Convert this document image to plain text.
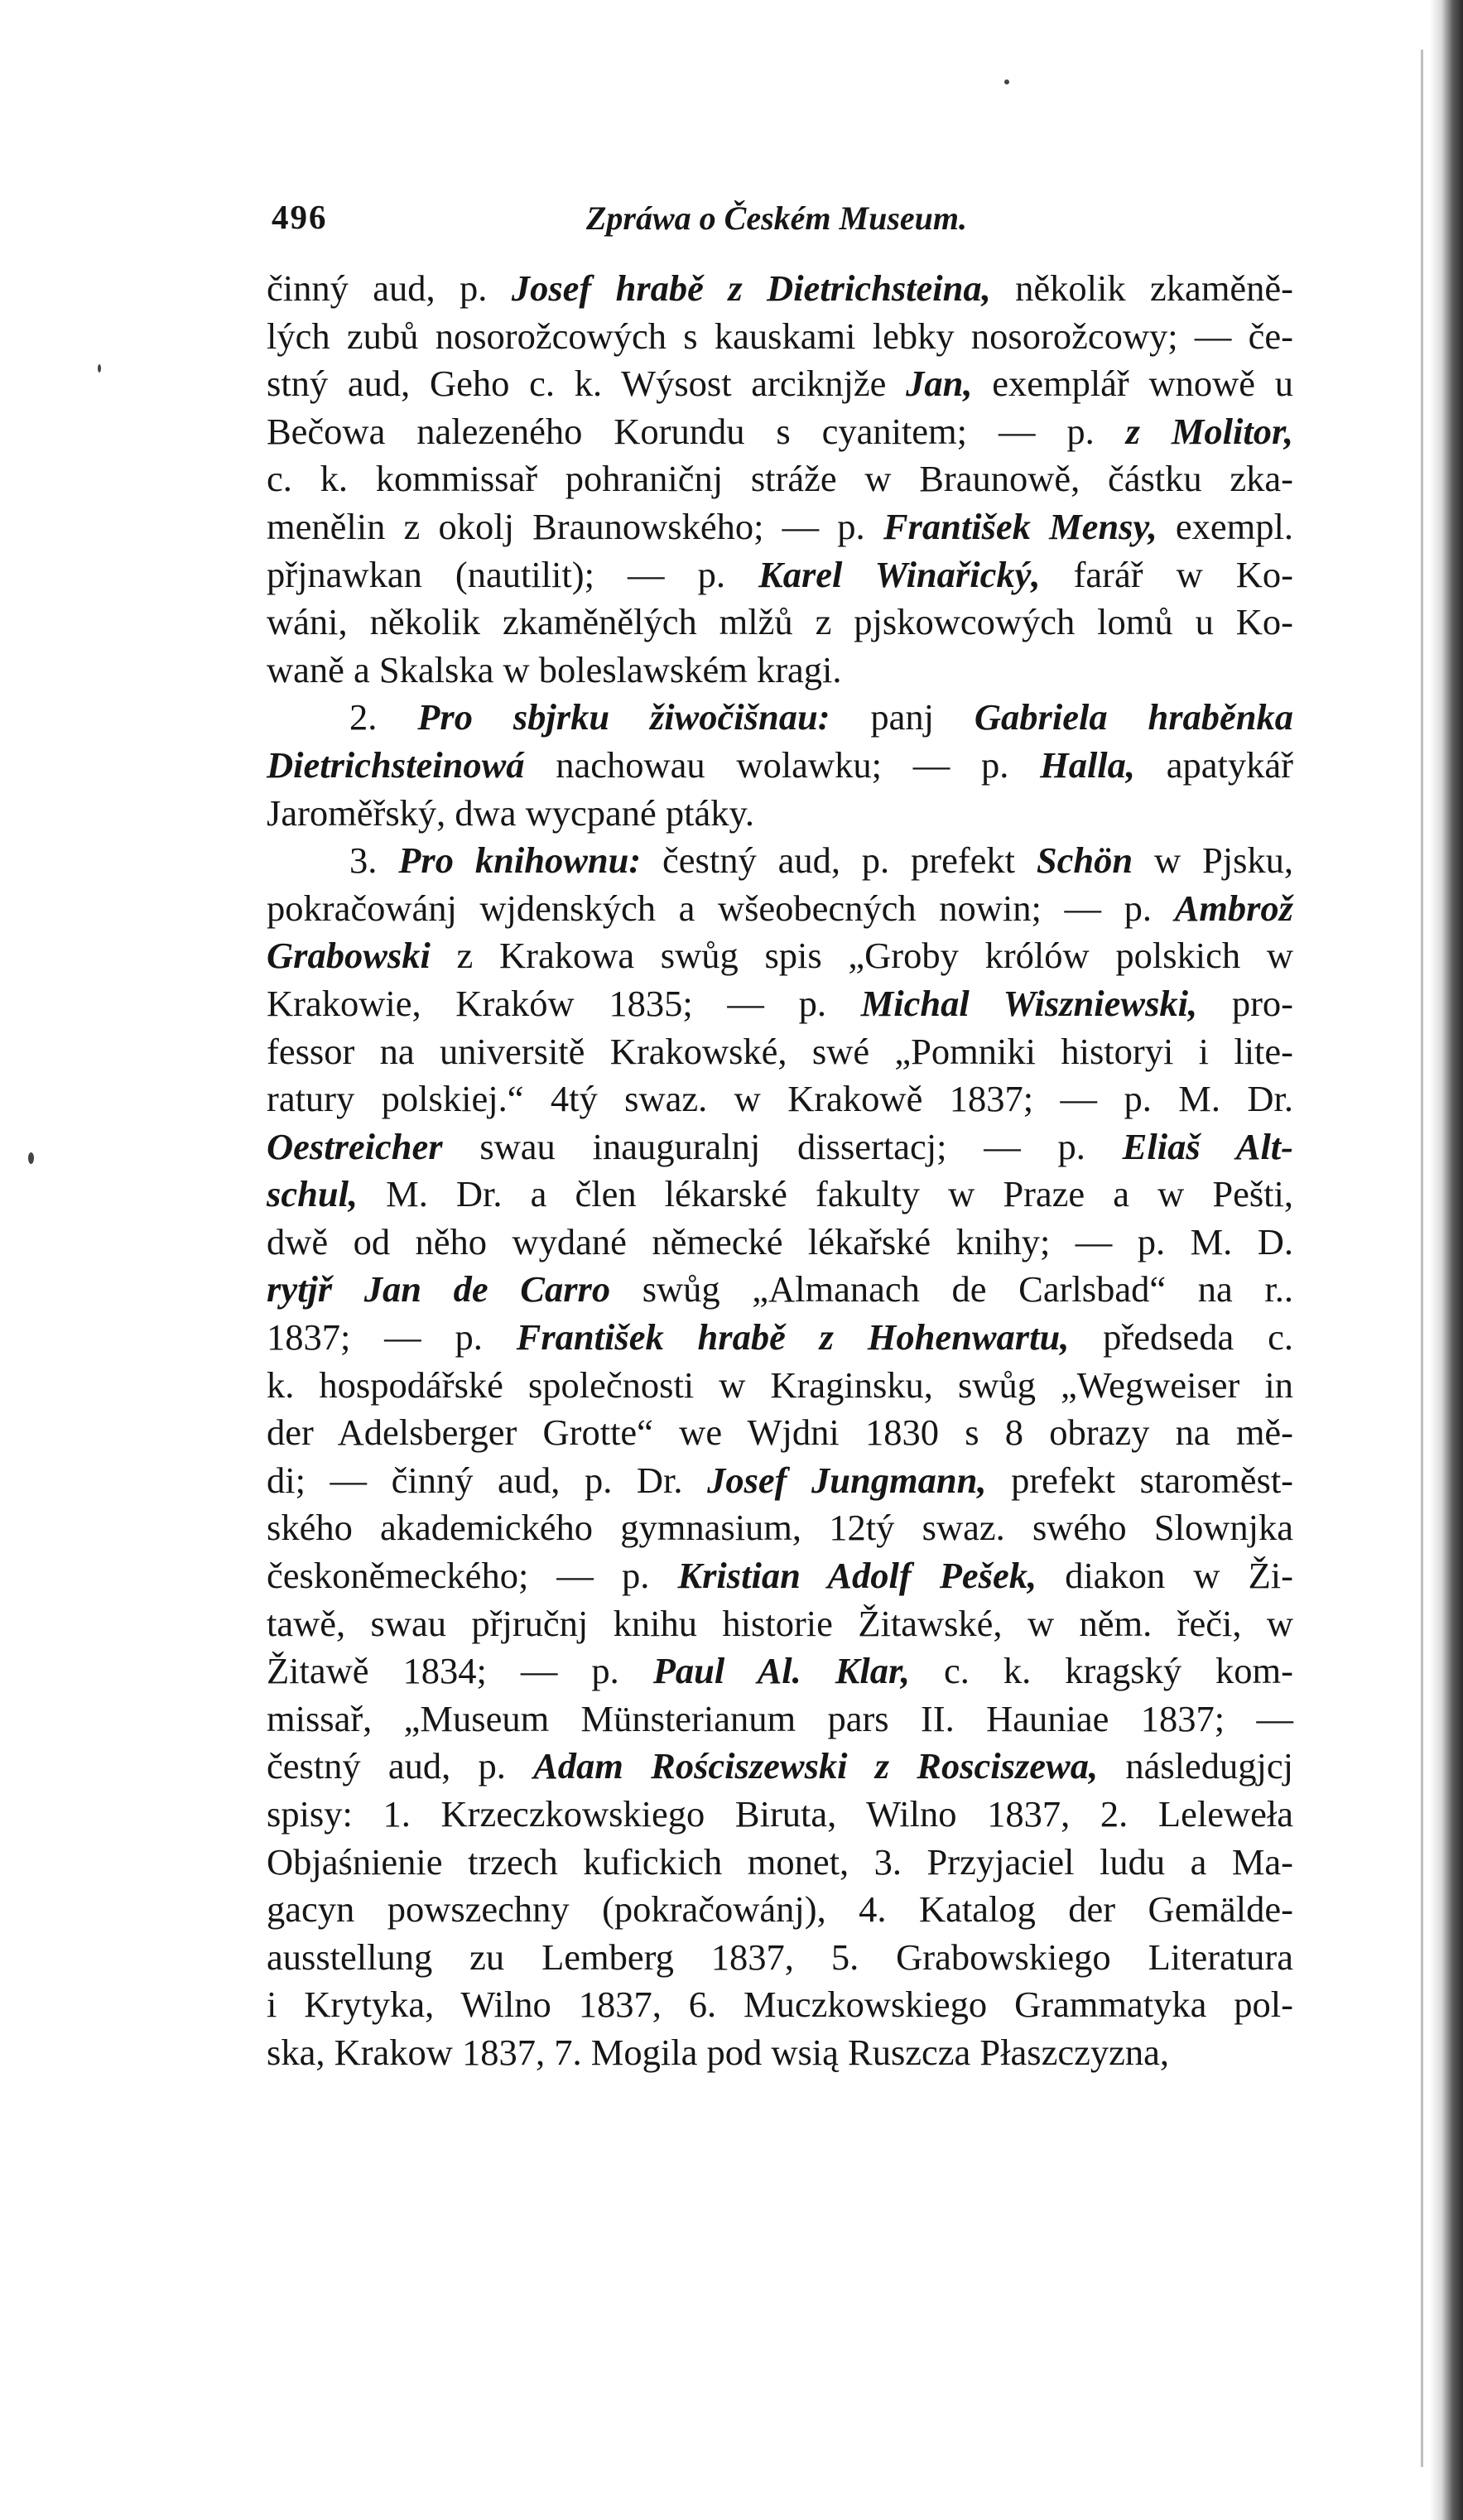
496	Zpráwa o Českém Museum.
činný aud, p. Josef hrabě z Dietrichsteina, několik zkaměně-
lých zubů nosorožcowých s kauskami lebky nosorožcowy; — če-
stný aud, Geho c. k. Wýsost arciknjže Jan, exemplář wnowě u
Bečowa nalezeného Korundu s cyanitem; — p. z Molitor,
c. k. kommissař pohraničnj stráže w Braunowě, částku zka-
menělin z okolj Braunowského; — p. František Mensy, exempl.
přjnawkan (nautilit); — p. Karel Winařický, farář w Ko-
wáni, několik zkaměnělých mlžů z pjskowcowých lomů u Ko-
waně a Skalska w boleslawském kragi.
2. Pro sbjrku žiwočišnau: panj Gabriela hraběnka
Dietrichsteinowá nachowau wolawku; — p. Halla, apatykář
Jaroměřský, dwa wycpané ptáky.
3. Pro knihownu: čestný aud, p. prefekt Schön w Pjsku,
pokračowánj wjdenských a wšeobecných nowin; — p. Ambrož
Grabowski z Krakowa swůg spis „Groby królów polskich w
Krakowie, Kraków 1835; — p. Michal Wiszniewski, pro-
fessor na universitě Krakowské, swé „Pomniki historyi i lite-
ratury polskiej.“ 4tý swaz. w Krakowě 1837; — p. M. Dr.
Oestreicher swau inauguralnj dissertacj; — p. Eliaš Alt-
schul, M. Dr. a člen lékarské fakulty w Praze a w Pešti,
dwě od něho wydané německé lékařské knihy; — p. M. D.
rytjř Jan de Carro swůg „Almanach de Carlsbad“ na r..
1837; — p. František hrabě z Hohenwartu, předseda c.
k. hospodářské společnosti w Kraginsku, swůg „Wegweiser in
der Adelsberger Grotte“ we Wjdni 1830 s 8 obrazy na mě-
di; — činný aud, p. Dr. Josef Jungmann, prefekt staroměst-
ského akademického gymnasium, 12tý swaz. swého Slownjka
českoněmeckého; — p. Kristian Adolf Pešek, diakon w Ži-
tawě, swau přjručnj knihu historie Žitawské, w něm. řeči, w
Žitawě 1834; — p. Paul Al. Klar, c. k. kragský kom-
missař, „Museum Münsterianum pars II. Hauniae 1837; —
čestný aud, p. Adam Rościszewski z Rosciszewa, následugjcj
spisy: 1. Krzeczkowskiego Biruta, Wilno 1837, 2. Leleweła
Objaśnienie trzech kufickich monet, 3. Przyjaciel ludu a Ma-
gacyn powszechny (pokračowánj), 4. Katalog der Gemälde-
ausstellung zu Lemberg 1837, 5. Grabowskiego Literatura
i Krytyka, Wilno 1837, 6. Muczkowskiego Grammatyka pol-
ska, Krakow 1837, 7. Mogila pod wsią Ruszcza Płaszczyzna,
